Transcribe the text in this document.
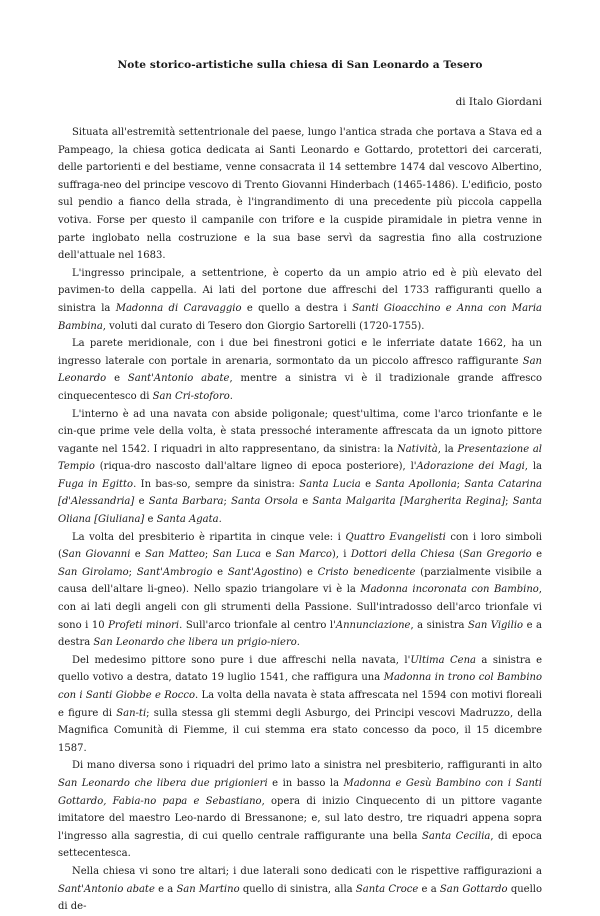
Note storico-artistiche sulla chiesa di San Leonardo a Tesero
di Italo Giordani

Situata all'estremità settentrionale del paese, lungo l'antica strada che portava a Stava ed a Pampeago, la chiesa gotica dedicata ai Santi Leonardo e Gottardo, protettori dei carcerati, delle partorienti e del bestiame, venne consacrata il 14 settembre 1474 dal vescovo Albertino, suffraga-neo del principe vescovo di Trento Giovanni Hinderbach (1465-1486). L'edificio, posto sul pendio a fianco della strada, è l'ingrandimento di una precedente più piccola cappella votiva. Forse per questo il campanile con trifore e la cuspide piramidale in pietra venne in parte inglobato nella costruzione e la sua base servì da sagrestia fino alla costruzione dell'attuale nel 1683.

L'ingresso principale, a settentrione, è coperto da un ampio atrio ed è più elevato del pavimen-to della cappella. Ai lati del portone due affreschi del 1733 raffiguranti quello a sinistra la Madonna di Caravaggio e quello a destra i Santi Gioacchino e Anna con Maria Bambina, voluti dal curato di Tesero don Giorgio Sartorelli (1720-1755).

La parete meridionale, con i due bei finestroni gotici e le inferriate datate 1662, ha un ingresso laterale con portale in arenaria, sormontato da un piccolo affresco raffigurante San Leonardo e Sant'Antonio abate, mentre a sinistra vi è il tradizionale grande affresco cinquecentesco di San Cri-stoforo.

L'interno è ad una navata con abside poligonale; quest'ultima, come l'arco trionfante e le cin-que prime vele della volta, è stata pressoché interamente affrescata da un ignoto pittore vagante nel 1542. I riquadri in alto rappresentano, da sinistra: la Natività, la Presentazione al Tempio (riqua-dro nascosto dall'altare ligneo di epoca posteriore), l'Adorazione dei Magi, la Fuga in Egitto. In bas-so, sempre da sinistra: Santa Lucia e Santa Apollonia; Santa Catarina [d'Alessandria] e Santa Barbara; Santa Orsola e Santa Malgarita [Margherita Regina]; Santa Oliana [Giuliana] e Santa Agata.

La volta del presbiterio è ripartita in cinque vele: i Quattro Evangelisti con i loro simboli (San Giovanni e San Matteo; San Luca e San Marco), i Dottori della Chiesa (San Gregorio e San Girolamo; Sant'Ambrogio e Sant'Agostino) e Cristo benedicente (parzialmente visibile a causa dell'altare li-gneo). Nello spazio triangolare vi è la Madonna incoronata con Bambino, con ai lati degli angeli con gli strumenti della Passione. Sull'intradosso dell'arco trionfale vi sono i 10 Profeti minori. Sull'arco trionfale al centro l'Annunciazione, a sinistra San Vigilio e a destra San Leonardo che libera un prigio-niero.

Del medesimo pittore sono pure i due affreschi nella navata, l'Ultima Cena a sinistra e quello votivo a destra, datato 19 luglio 1541, che raffigura una Madonna in trono col Bambino con i Santi Giobbe e Rocco. La volta della navata è stata affrescata nel 1594 con motivi floreali e figure di San-ti; sulla stessa gli stemmi degli Asburgo, dei Principi vescovi Madruzzo, della Magnifica Comunità di Fiemme, il cui stemma era stato concesso da poco, il 15 dicembre 1587.

Di mano diversa sono i riquadri del primo lato a sinistra nel presbiterio, raffiguranti in alto San Leonardo che libera due prigionieri e in basso la Madonna e Gesù Bambino con i Santi Gottardo, Fabia-no papa e Sebastiano, opera di inizio Cinquecento di un pittore vagante imitatore del maestro Leo-nardo di Bressanone; e, sul lato destro, tre riquadri appena sopra l'ingresso alla sagrestia, di cui quello centrale raffigurante una bella Santa Cecilia, di epoca settecentesca.

Nella chiesa vi sono tre altari; i due laterali sono dedicati con le rispettive raffigurazioni a Sant'Antonio abate e a San Martino quello di sinistra, alla Santa Croce e a San Gottardo quello di de-
